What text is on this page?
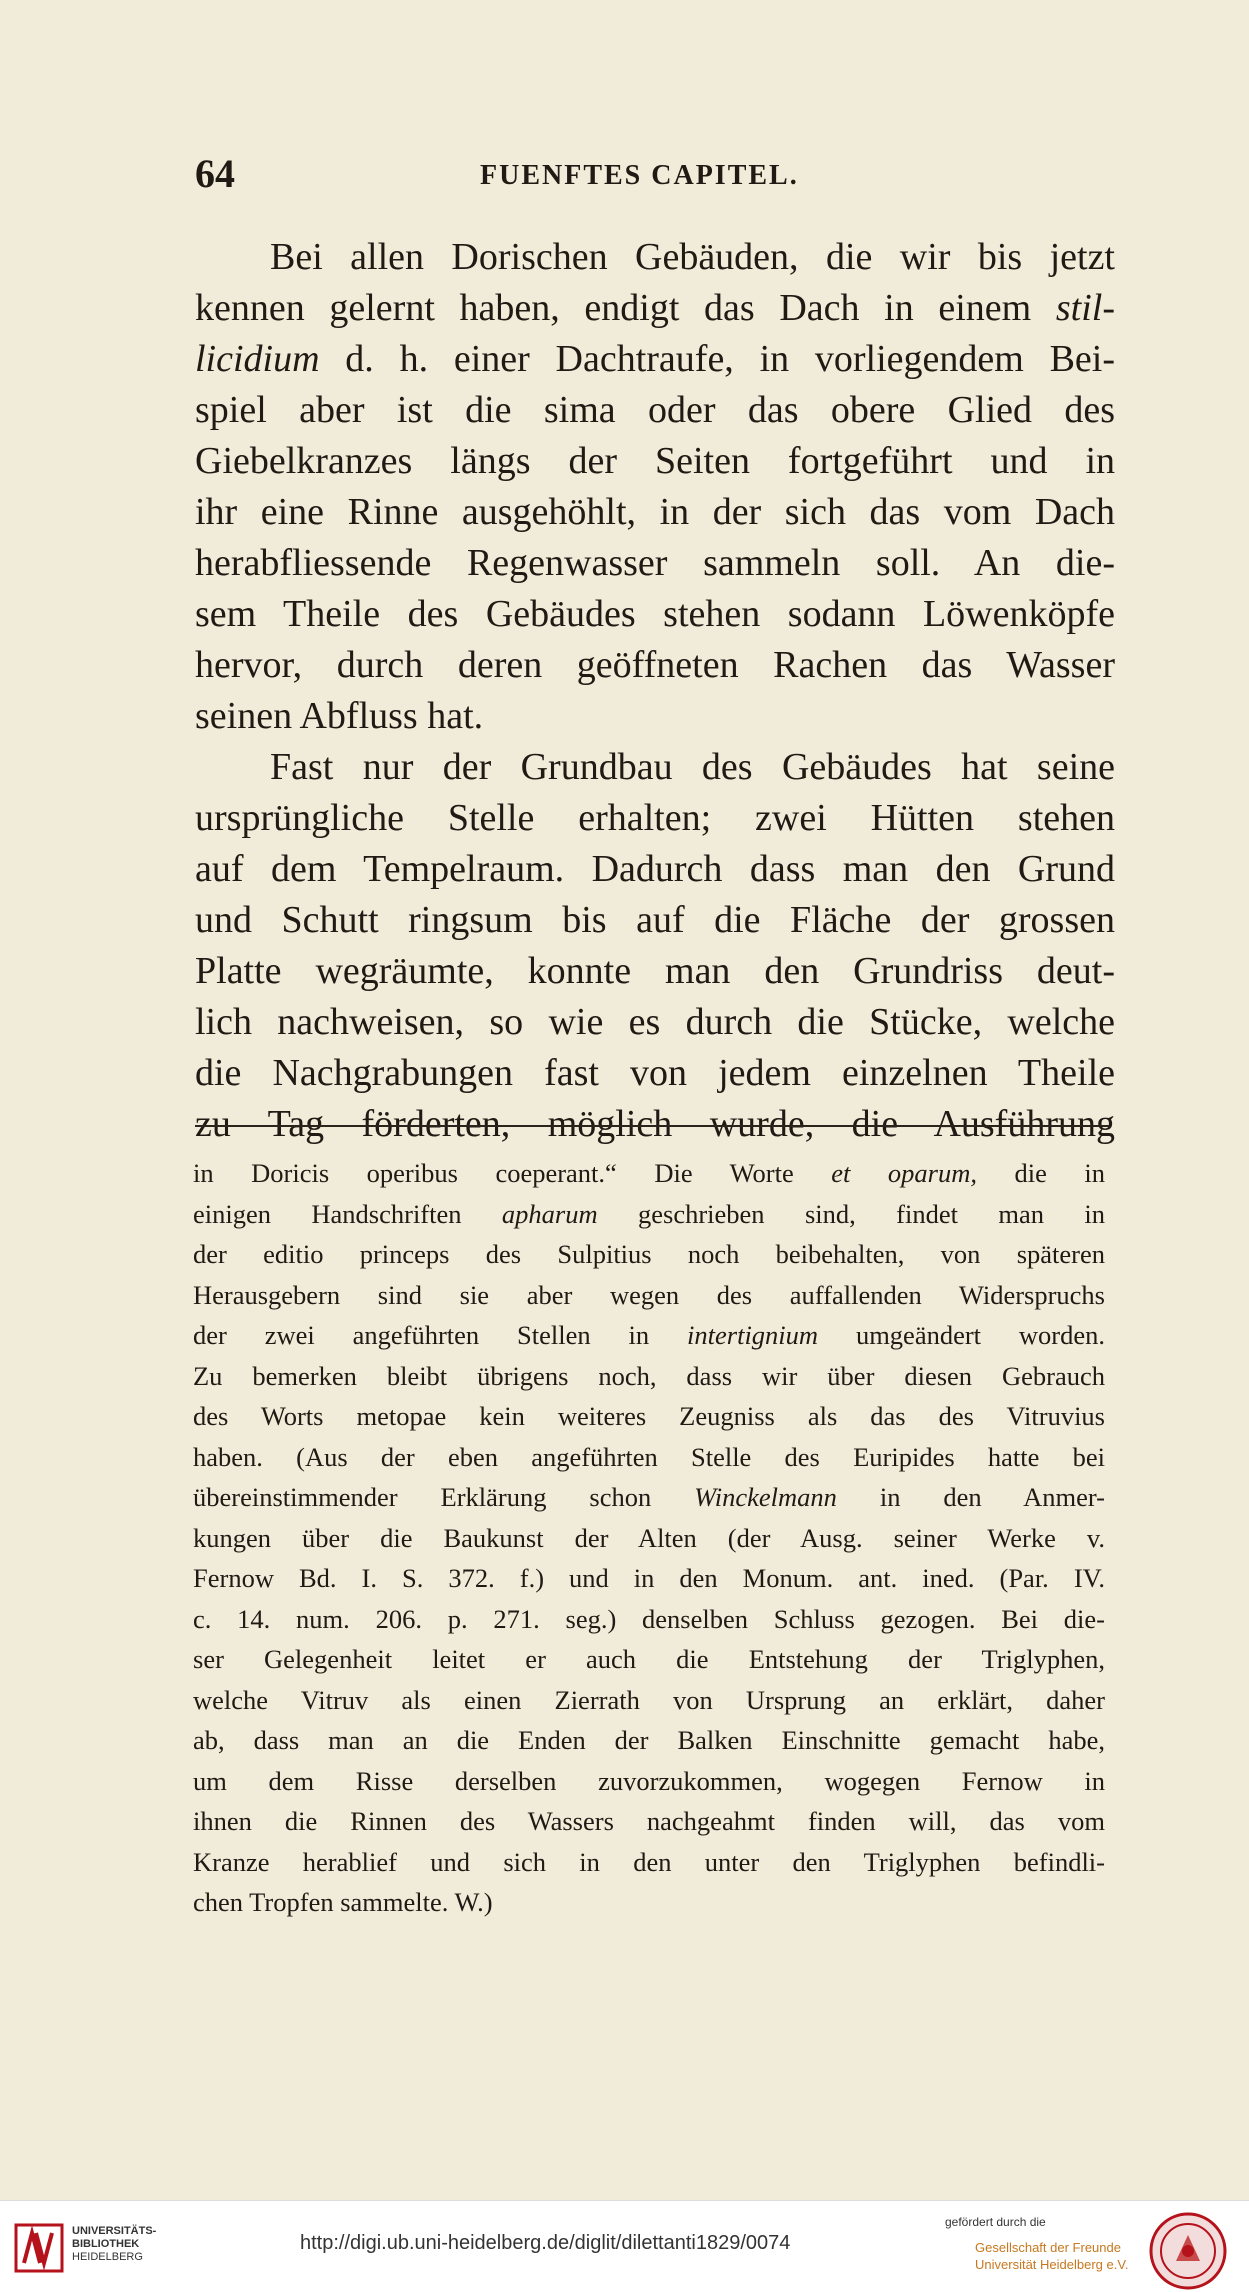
64	FUENFTES CAPITEL.
Bei allen Dorischen Gebäuden, die wir bis jetzt
kennen gelernt haben, endigt das Dach in einem stil-
licidium d. h. einer Dachtraufe, in vorliegendem Bei-
spiel aber ist die sima oder das obere Glied des
Giebelkranzes längs der Seiten fortgeführt und in
ihr eine Rinne ausgehöhlt, in der sich das vom Dach
herabfliessende Regenwasser sammeln soll. An die-
sem Theile des Gebäudes stehen sodann Löwenköpfe
hervor, durch deren geöffneten Rachen das Wasser
seinen Abfluss hat.
Fast nur der Grundbau des Gebäudes hat seine
ursprüngliche Stelle erhalten; zwei Hütten stehen
auf dem Tempelraum. Dadurch dass man den Grund
und Schutt ringsum bis auf die Fläche der grossen
Platte wegräumte, konnte man den Grundriss deut-
lich nachweisen, so wie es durch die Stücke, welche
die Nachgrabungen fast von jedem einzelnen Theile
zu Tag förderten, möglich wurde, die Ausführung
in Doricis operibus coeperant.“ Die Worte et oparum, die in
einigen Handschriften apharum geschrieben sind, findet man in
der editio princeps des Sulpitius noch beibehalten, von späteren
Herausgebern sind sie aber wegen des auffallenden Widerspruchs
der zwei angeführten Stellen in intertignium umgeändert worden.
Zu bemerken bleibt übrigens noch, dass wir über diesen Gebrauch
des Worts metopae kein weiteres Zeugniss als das des Vitruvius
haben. (Aus der eben angeführten Stelle des Euripides hatte bei
übereinstimmender Erklärung schon Winckelmann in den Anmer-
kungen über die Baukunst der Alten (der Ausg. seiner Werke v.
Fernow Bd. I. S. 372. f.) und in den Monum. ant. ined. (Par. IV.
c. 14. num. 206. p. 271. seg.) denselben Schluss gezogen. Bei die-
ser Gelegenheit leitet er auch die Entstehung der Triglyphen,
welche Vitruv als einen Zierrath von Ursprung an erklärt, daher
ab, dass man an die Enden der Balken Einschnitte gemacht habe,
um dem Risse derselben zuvorzukommen, wogegen Fernow in
ihnen die Rinnen des Wassers nachgeahmt finden will, das vom
Kranze herablief und sich in den unter den Triglyphen befindli-
chen Tropfen sammelte. W.)
UNIVERSITÄTS-
BIBLIOTHEK
HEIDELBERG
http://digi.ub.uni-heidelberg.de/diglit/dilettanti1829/0074
gefördert durch die
Gesellschaft der Freunde
Universität Heidelberg e.V.
